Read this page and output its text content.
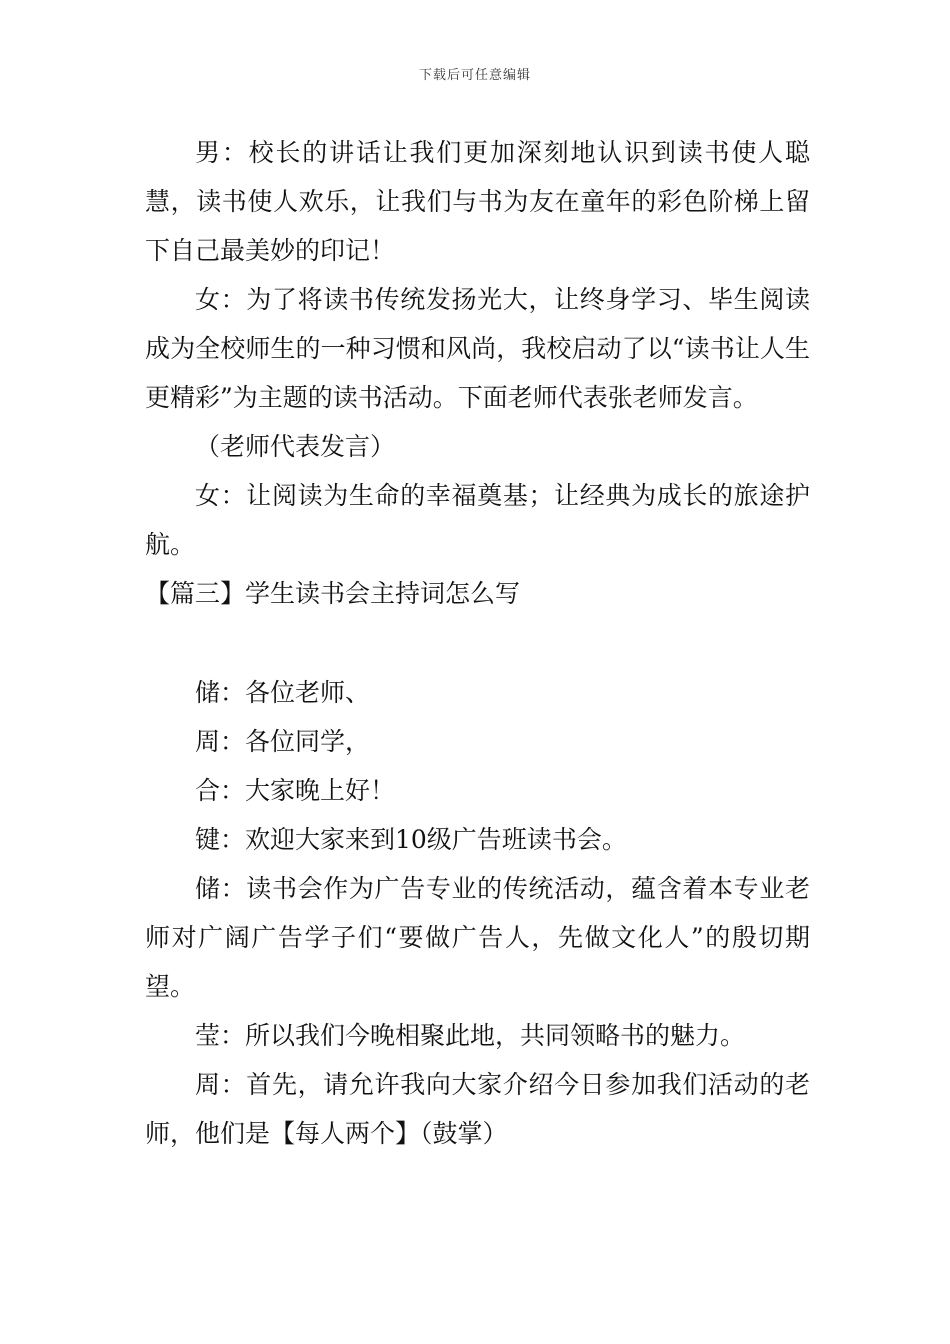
下载后可任意编辑

男：校长的讲话让我们更加深刻地认识到读书使人聪慧，读书使人欢乐，让我们与书为友在童年的彩色阶梯上留下自己最美妙的印记！

女：为了将读书传统发扬光大，让终身学习、毕生阅读成为全校师生的一种习惯和风尚，我校启动了以“读书让人生更精彩”为主题的读书活动。下面老师代表张老师发言。

（老师代表发言）

女：让阅读为生命的幸福奠基；让经典为成长的旅途护航。

【篇三】学生读书会主持词怎么写

储：各位老师、

周：各位同学，

合：大家晚上好！

键：欢迎大家来到10级广告班读书会。

储：读书会作为广告专业的传统活动，蕴含着本专业老师对广阔广告学子们“要做广告人，先做文化人”的殷切期望。

莹：所以我们今晚相聚此地，共同领略书的魅力。

周：首先，请允许我向大家介绍今日参加我们活动的老师，他们是【每人两个】（鼓掌）
